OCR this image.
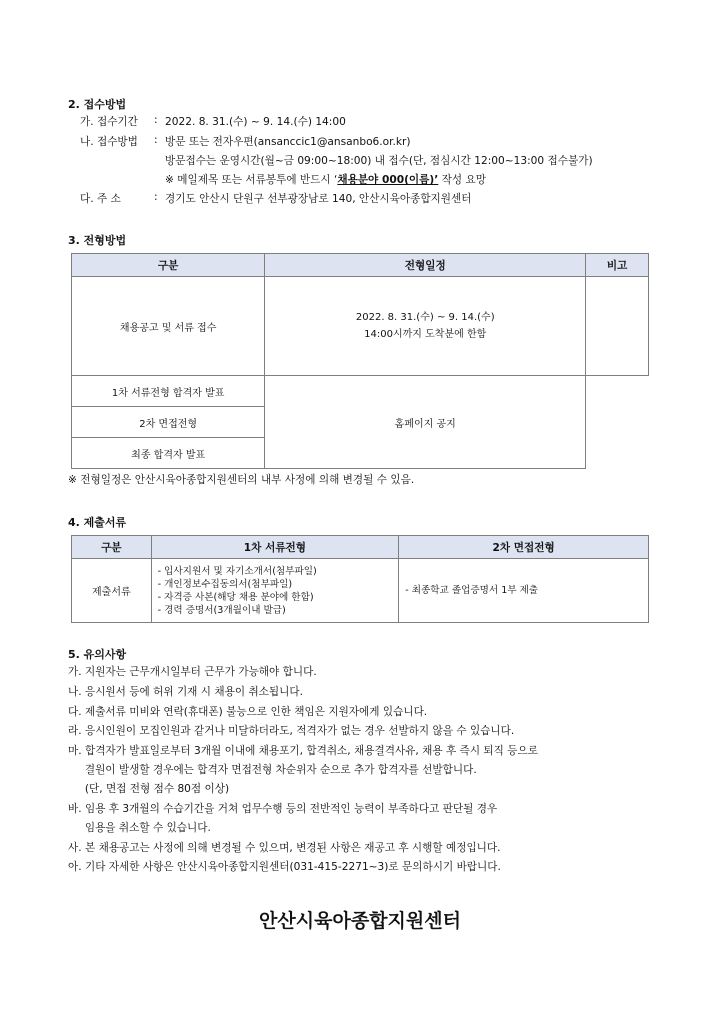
2. 접수방법
가. 접수기간 : 2022. 8. 31.(수) ~ 9. 14.(수) 14:00
나. 접수방법 : 방문 또는 전자우편(ansanccic1@ansanbo6.or.kr)
방문접수는 운영시간(월~금 09:00~18:00) 내 접수(단, 점심시간 12:00~13:00 접수불가)
※ 메일제목 또는 서류봉투에 반드시 ‘채용분야 000(이름)’ 작성 요망
다. 주 소	: 경기도 안산시 단원구 선부광장남로 140, 안산시육아종합지원센터
3. 전형방법
구분	전형일정	비고
채용공고 및 서류 접수	2022. 8. 31.(수) ~ 9. 14.(수)
14:00시까지 도착분에 한함	

1차 서류전형 합격자 발표	홈페이지 공지	
2차 면접전형		
최종 합격자 발표		
※ 전형일정은 안산시육아종합지원센터의 내부 사정에 의해 변경될 수 있음.
4. 제출서류
구분	1차 서류전형	2차 면접전형
제출서류	- 입사지원서 및 자기소개서(첨부파일)
- 개인정보수집동의서(첨부파일)
- 자격증 사본(해당 채용 분야에 한함)
- 경력 증명서(3개월이내 발급)	- 최종학교 졸업증명서 1부 제출
5. 유의사항
가. 지원자는 근무개시일부터 근무가 가능해야 합니다.
나. 응시원서 등에 허위 기재 시 채용이 취소됩니다.
다. 제출서류 미비와 연락(휴대폰) 불능으로 인한 책임은 지원자에게 있습니다.
라. 응시인원이 모집인원과 같거나 미달하더라도, 적격자가 없는 경우 선발하지 않을 수 있습니다.
마. 합격자가 발표일로부터 3개월 이내에 채용포기, 합격취소, 채용결격사유, 채용 후 즉시 퇴직 등으로
결원이 발생할 경우에는 합격자 면접전형 차순위자 순으로 추가 합격자를 선발합니다.
(단, 면접 전형 점수 80점 이상)
바. 임용 후 3개월의 수습기간을 거쳐 업무수행 등의 전반적인 능력이 부족하다고 판단될 경우
임용을 취소할 수 있습니다.
사. 본 채용공고는 사정에 의해 변경될 수 있으며, 변경된 사항은 재공고 후 시행할 예정입니다.
아. 기타 자세한 사항은 안산시육아종합지원센터(031-415-2271~3)로 문의하시기 바랍니다.
안산시육아종합지원센터
